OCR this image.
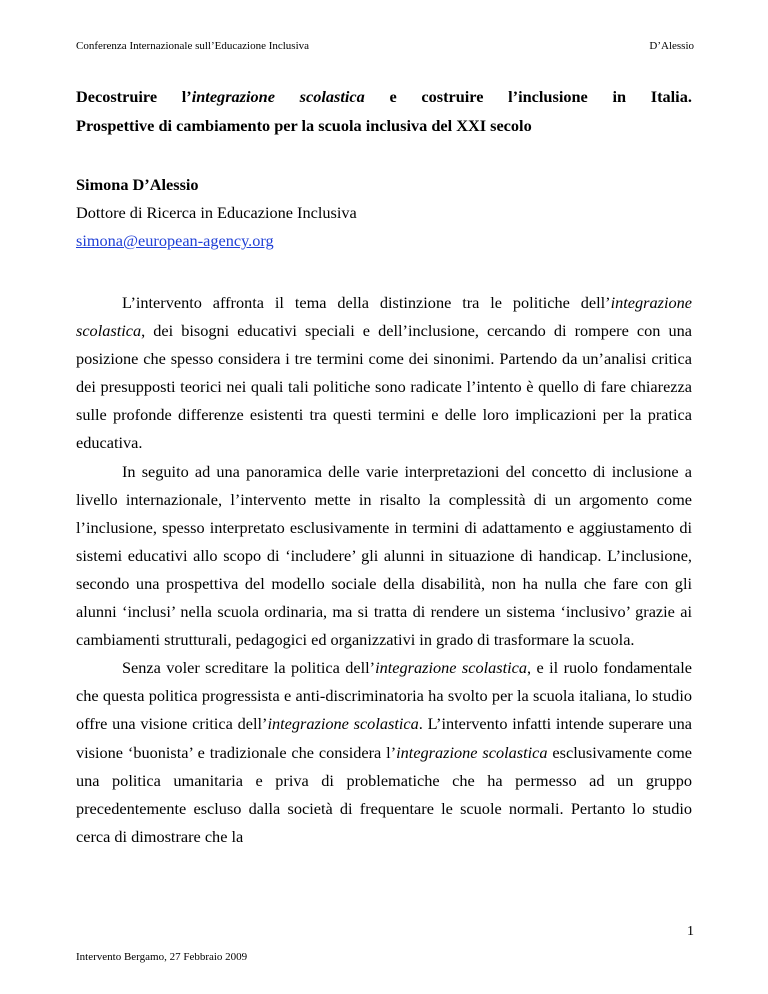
Conferenza Internazionale sull’Educazione Inclusiva	D’Alessio
Decostruire l’integrazione scolastica e costruire l’inclusione in Italia.
Prospettive di cambiamento per la scuola inclusiva del XXI secolo
Simona D’Alessio
Dottore di Ricerca in Educazione Inclusiva
simona@european-agency.org

L’intervento affronta il tema della distinzione tra le politiche dell’integrazione scolastica, dei bisogni educativi speciali e dell’inclusione, cercando di rompere con una posizione che spesso considera i tre termini come dei sinonimi. Partendo da un’analisi critica dei presupposti teorici nei quali tali politiche sono radicate l’intento è quello di fare chiarezza sulle profonde differenze esistenti tra questi termini e delle loro implicazioni per la pratica educativa.

In seguito ad una panoramica delle varie interpretazioni del concetto di inclusione a livello internazionale, l’intervento mette in risalto la complessità di un argomento come l’inclusione, spesso interpretato esclusivamente in termini di adattamento e aggiustamento di sistemi educativi allo scopo di ‘includere’ gli alunni in situazione di handicap. L’inclusione, secondo una prospettiva del modello sociale della disabilità, non ha nulla che fare con gli alunni ‘inclusi’ nella scuola ordinaria, ma si tratta di rendere un sistema ‘inclusivo’ grazie ai cambiamenti strutturali, pedagogici ed organizzativi in grado di trasformare la scuola.

Senza voler screditare la politica dell’integrazione scolastica, e il ruolo fondamentale che questa politica progressista e anti-discriminatoria ha svolto per la scuola italiana, lo studio offre una visione critica dell’integrazione scolastica. L’intervento infatti intende superare una visione ‘buonista’ e tradizionale che considera l’integrazione scolastica esclusivamente come una politica umanitaria e priva di problematiche che ha permesso ad un gruppo precedentemente escluso dalla società di frequentare le scuole normali. Pertanto lo studio cerca di dimostrare che la

1
Intervento Bergamo, 27 Febbraio 2009
